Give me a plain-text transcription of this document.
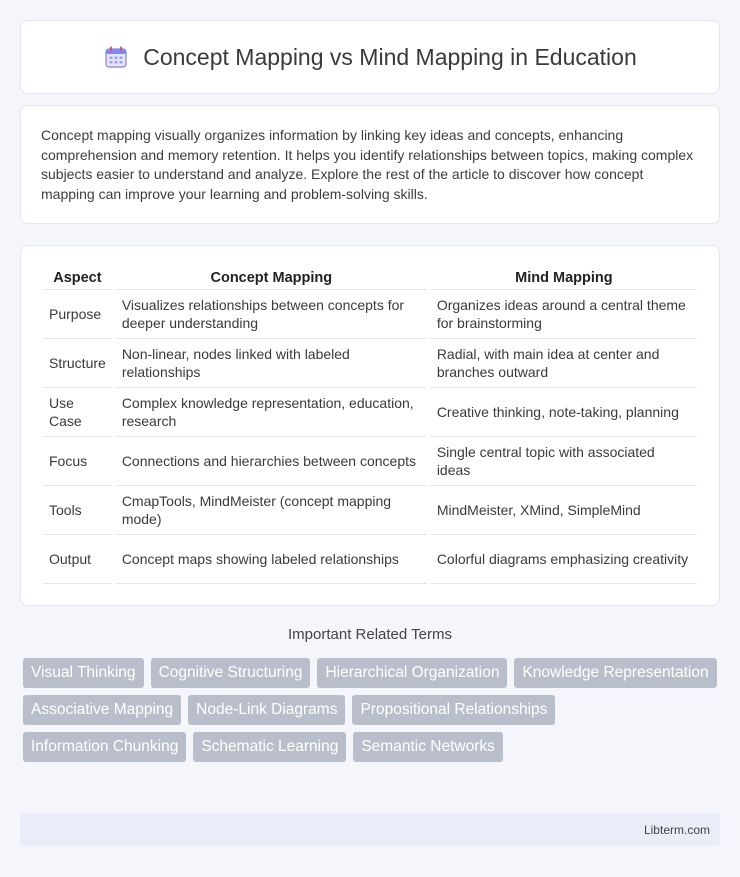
Concept Mapping vs Mind Mapping in Education

Concept mapping visually organizes information by linking key ideas and concepts, enhancing comprehension and memory retention. It helps you identify relationships between topics, making complex subjects easier to understand and analyze. Explore the rest of the article to discover how concept mapping can improve your learning and problem-solving skills.

Aspect	Concept Mapping	Mind Mapping
Purpose	Visualizes relationships between concepts for deeper understanding	Organizes ideas around a central theme for brainstorming
Structure	Non-linear, nodes linked with labeled relationships	Radial, with main idea at center and branches outward
Use Case	Complex knowledge representation, education, research	Creative thinking, note-taking, planning
Focus	Connections and hierarchies between concepts	Single central topic with associated ideas
Tools	CmapTools, MindMeister (concept mapping mode)	MindMeister, XMind, SimpleMind
Output	Concept maps showing labeled relationships	Colorful diagrams emphasizing creativity
Important Related Terms
Visual Thinking	Cognitive Structuring	Hierarchical Organization	Knowledge Representation
Associative Mapping	Node-Link Diagrams	Propositional Relationships
Information Chunking	Schematic Learning	Semantic Networks
Libterm.com
